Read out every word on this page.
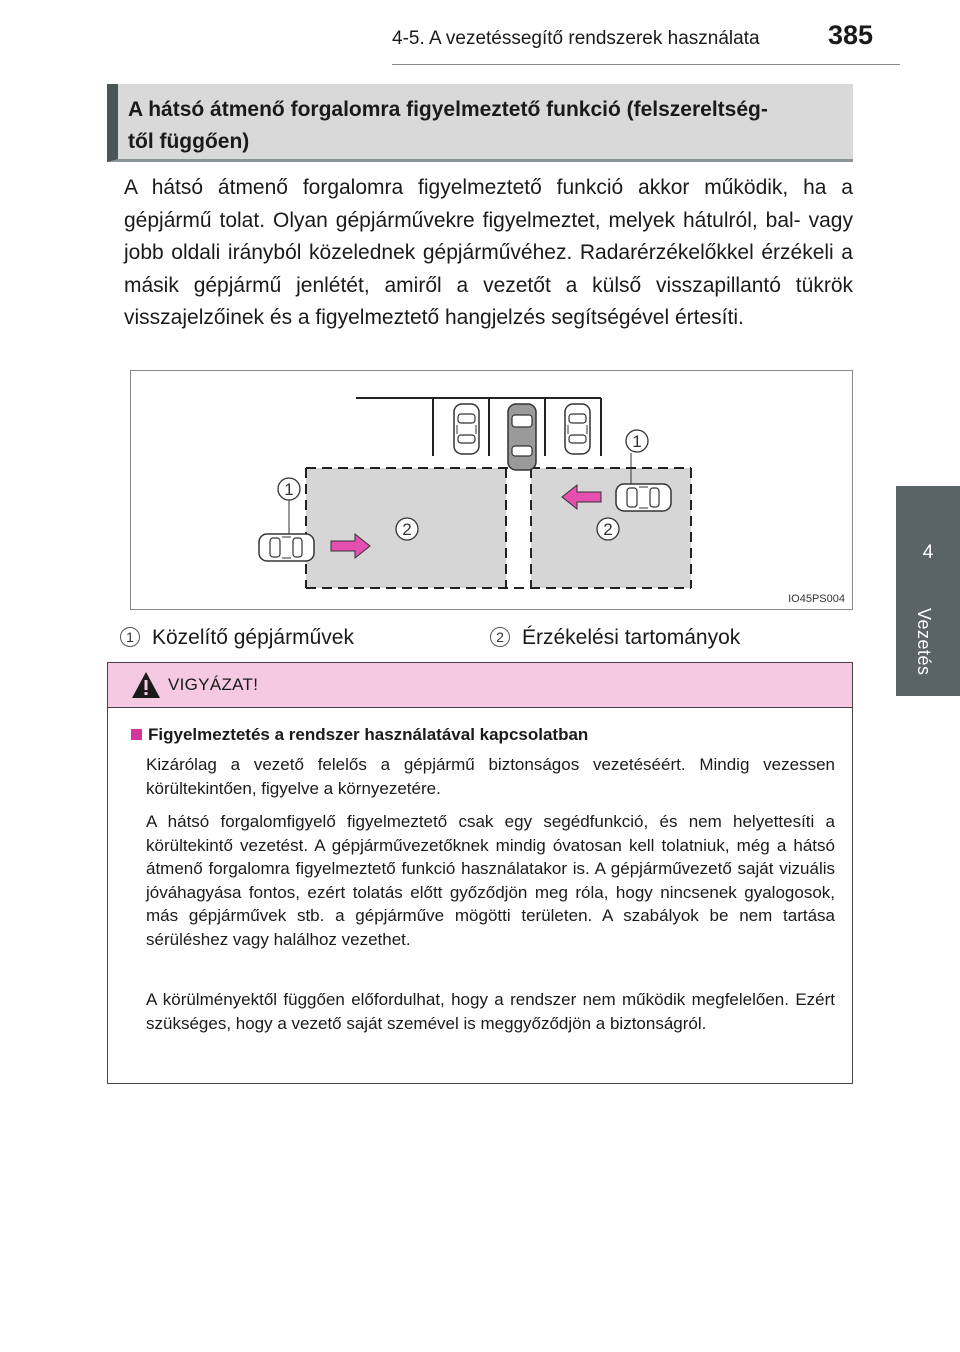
4-5. A vezetéssegítő rendszerek használata	385
4
Vezetés
A hátsó átmenő forgalomra figyelmeztető funkció (felszereltség-
től függően)

A hátsó átmenő forgalomra figyelmeztető funkció akkor működik, ha a gépjármű tolat. Olyan gépjárművekre figyelmeztet, melyek hátulról, bal- vagy jobb oldali irányból közelednek gépjárművéhez. Radarérzékelőkkel érzékeli a másik gépjármű jenlétét, amiről a vezetőt a külső visszapillantó tükrök visszajelzőinek és a figyelmeztető hangjelzés segítségével értesíti.

1
1
2	2
IO45PS004
1 Közelítő gépjárművek	2 Érzékelési tartományok
VIGYÁZAT!
Figyelmeztetés a rendszer használatával kapcsolatban

Kizárólag a vezető felelős a gépjármű biztonságos vezetéséért. Mindig vezessen körültekintően, figyelve a környezetére.

A hátsó forgalomfigyelő figyelmeztető csak egy segédfunkció, és nem helyettesíti a körültekintő vezetést. A gépjárművezetőknek mindig óvatosan kell tolatniuk, még a hátsó átmenő forgalomra figyelmeztető funkció használatakor is. A gépjárművezető saját vizuális jóváhagyása fontos, ezért tolatás előtt győződjön meg róla, hogy nincsenek gyalogosok, más gépjárművek stb. a gépjárműve mögötti területen. A szabályok be nem tartása sérüléshez vagy halálhoz vezethet.

A körülményektől függően előfordulhat, hogy a rendszer nem működik megfelelően. Ezért szükséges, hogy a vezető saját szemével is meggyőződjön a biztonságról.
